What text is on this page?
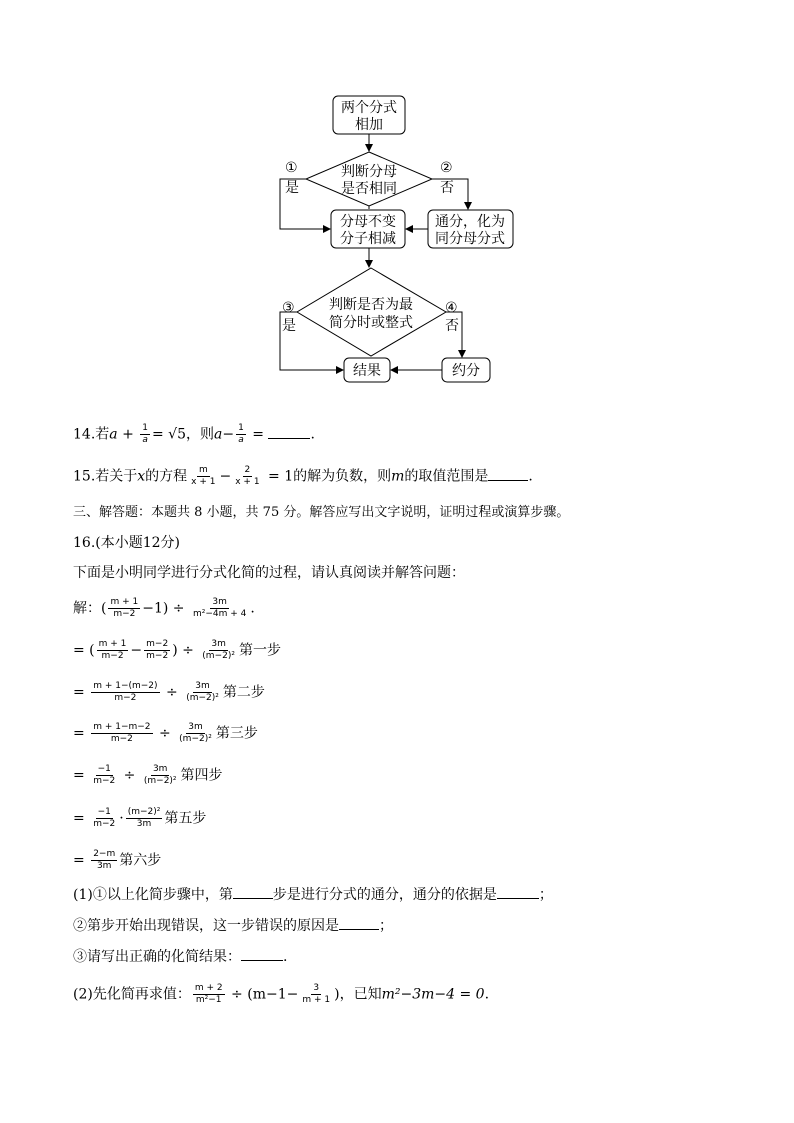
两个分式
相加
判断分母
是否相同
分母不变
分子相减
通分，化为
同分母分式
判断是否为最
简分时或整式
结果	约分
①
是
②
否
③
是
④
否
14.若$a + \frac{1}{a} = √5$，则$a- \frac{1}{a}$ =	.
15.若关于x的方程 $\frac{m}{x + 1} - \frac{2}{x + 1} = 1$的解为负数，则m的取值范围是	.
三、解答题：本题共 8 小题，共 75 分。解答应写出文字说明，证明过程或演算步骤。
16.(本小题12分)
下面是小明同学进行分式化简的过程，请认真阅读并解答问题：
解：( $\frac{m + 1}{m-2} -1) \div \frac{3m}{\text{m²−4m + 4}}$ .
= ( $\frac{m + 1}{m-2} - \frac{m-2}{m-2}$ ) ÷ $\frac{3m}{\text{(m−2)²}}$ 第一步
= $\frac{m + 1-(m-2)}{m-2} \div \frac{3m}{\text{(m−2)²}}$ 第二步
= $\frac{m + 1-m-2}{m-2} \div \frac{3m}{\text{(m−2)²}}$ 第三步
= $\frac{-1}{m-2} \div \frac{3m}{\text{(m−2)²}}$ 第四步
= $\frac{-1}{m-2} \cdot \frac{\text{(m−2)²}}{3m}$ 第五步
= $\frac{2-m}{3m}$ 第六步
(1)①以上化简步骤中，第	步是进行分式的通分，通分的依据是	；
②第步开始出现错误，这一步错误的原因是	；
③请写出正确的化简结果：	.
(2)先化简再求值： $\frac{m + 2}{\text{m²−1}} \div (m-1- \frac{3}{m + 1}$ )，已知m²−3m−4 = 0.
